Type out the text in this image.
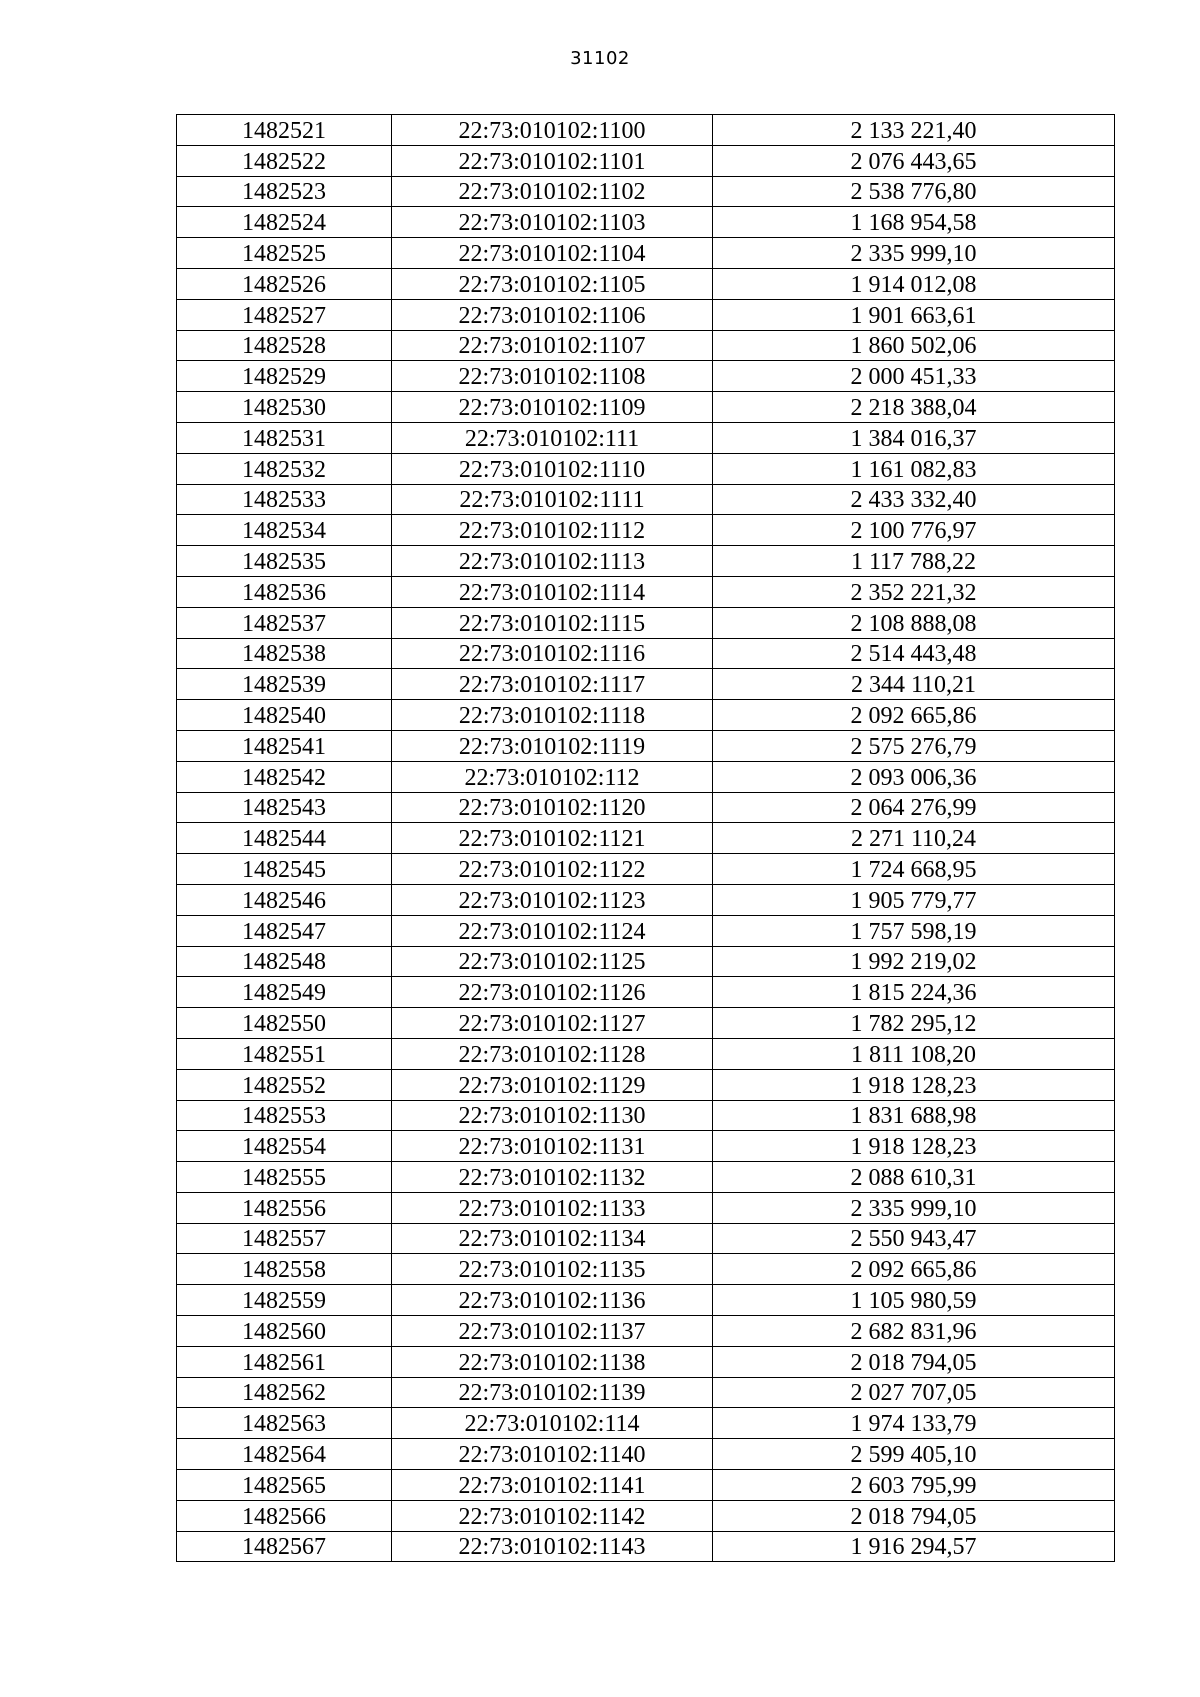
31102
1482521	22:73:010102:1100	2 133 221,40
1482522	22:73:010102:1101	2 076 443,65
1482523	22:73:010102:1102	2 538 776,80
1482524	22:73:010102:1103	1 168 954,58
1482525	22:73:010102:1104	2 335 999,10
1482526	22:73:010102:1105	1 914 012,08
1482527	22:73:010102:1106	1 901 663,61
1482528	22:73:010102:1107	1 860 502,06
1482529	22:73:010102:1108	2 000 451,33
1482530	22:73:010102:1109	2 218 388,04
1482531	22:73:010102:111	1 384 016,37
1482532	22:73:010102:1110	1 161 082,83
1482533	22:73:010102:1111	2 433 332,40
1482534	22:73:010102:1112	2 100 776,97
1482535	22:73:010102:1113	1 117 788,22
1482536	22:73:010102:1114	2 352 221,32
1482537	22:73:010102:1115	2 108 888,08
1482538	22:73:010102:1116	2 514 443,48
1482539	22:73:010102:1117	2 344 110,21
1482540	22:73:010102:1118	2 092 665,86
1482541	22:73:010102:1119	2 575 276,79
1482542	22:73:010102:112	2 093 006,36
1482543	22:73:010102:1120	2 064 276,99
1482544	22:73:010102:1121	2 271 110,24
1482545	22:73:010102:1122	1 724 668,95
1482546	22:73:010102:1123	1 905 779,77
1482547	22:73:010102:1124	1 757 598,19
1482548	22:73:010102:1125	1 992 219,02
1482549	22:73:010102:1126	1 815 224,36
1482550	22:73:010102:1127	1 782 295,12
1482551	22:73:010102:1128	1 811 108,20
1482552	22:73:010102:1129	1 918 128,23
1482553	22:73:010102:1130	1 831 688,98
1482554	22:73:010102:1131	1 918 128,23
1482555	22:73:010102:1132	2 088 610,31
1482556	22:73:010102:1133	2 335 999,10
1482557	22:73:010102:1134	2 550 943,47
1482558	22:73:010102:1135	2 092 665,86
1482559	22:73:010102:1136	1 105 980,59
1482560	22:73:010102:1137	2 682 831,96
1482561	22:73:010102:1138	2 018 794,05
1482562	22:73:010102:1139	2 027 707,05
1482563	22:73:010102:114	1 974 133,79
1482564	22:73:010102:1140	2 599 405,10
1482565	22:73:010102:1141	2 603 795,99
1482566	22:73:010102:1142	2 018 794,05
1482567	22:73:010102:1143	1 916 294,57
